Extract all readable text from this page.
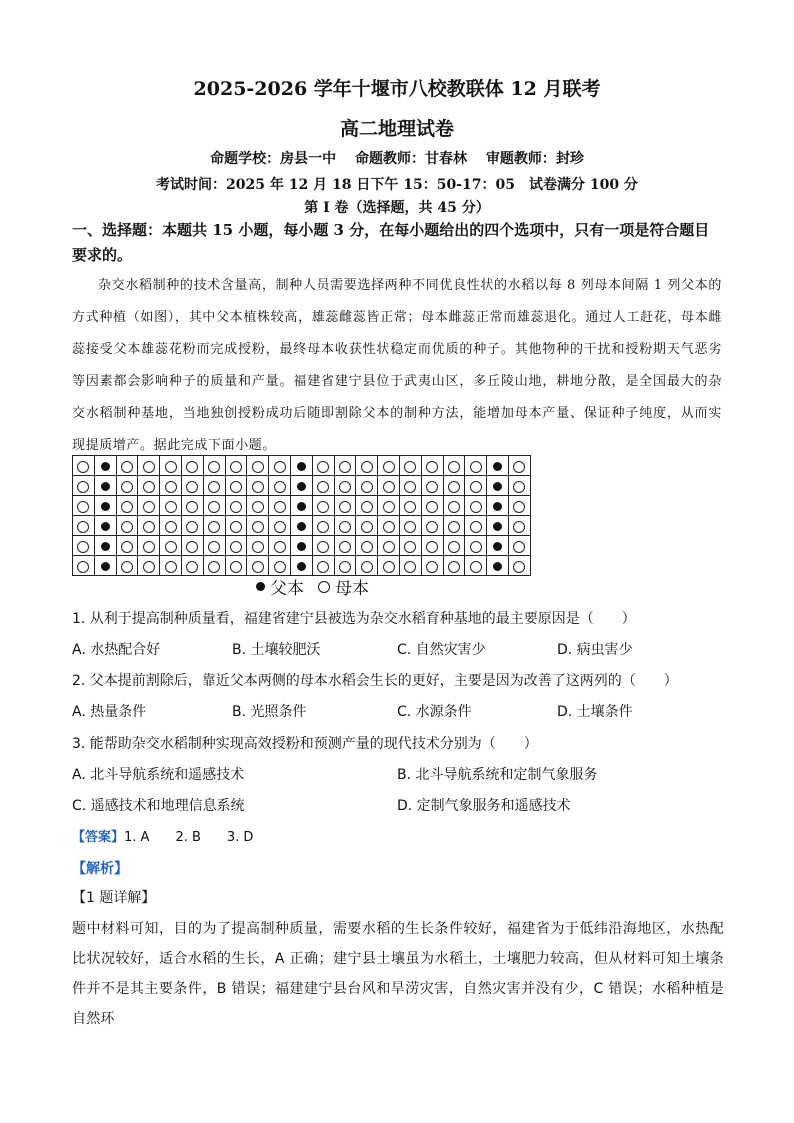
2025-2026 学年十堰市八校教联体 12 月联考
高二地理试卷
命题学校：房县一中　 命题教师：甘春林　 审题教师：封珍
考试时间：2025 年 12 月 18 日下午 15：50-17：05　试卷满分 100 分
第 I 卷（选择题，共 45 分）
一、选择题：本题共 15 小题，每小题 3 分，在每小题给出的四个选项中，只有一项是符合题目要求的。
杂交水稻制种的技术含量高，制种人员需要选择两种不同优良性状的水稻以每 8 列母本间隔 1 列父本的方式种植（如图），其中父本植株较高，雄蕊雌蕊皆正常；母本雌蕊正常而雄蕊退化。通过人工赶花，母本雌蕊接受父本雄蕊花粉而完成授粉，最终母本收获性状稳定而优质的种子。其他物种的干扰和授粉期天气恶劣等因素都会影响种子的质量和产量。福建省建宁县位于武夷山区，多丘陵山地，耕地分散，是全国最大的杂交水稻制种基地，当地独创授粉成功后随即割除父本的制种方法，能增加母本产量、保证种子纯度，从而实现提质增产。据此完成下面小题。

父本 母本
1. 从利于提高制种质量看，福建省建宁县被选为杂交水稻育种基地的最主要原因是（　　）
A. 水热配合好	B. 土壤较肥沃	C. 自然灾害少	D. 病虫害少
2. 父本提前割除后，靠近父本两侧的母本水稻会生长的更好，主要是因为改善了这两列的（　　）
A. 热量条件	B. 光照条件	C. 水源条件	D. 土壤条件
3. 能帮助杂交水稻制种实现高效授粉和预测产量的现代技术分别为（　　）
A. 北斗导航系统和遥感技术	B. 北斗导航系统和定制气象服务
C. 遥感技术和地理信息系统	D. 定制气象服务和遥感技术
【答案】1. A　　2. B　　3. D
【解析】
【1 题详解】
题中材料可知，目的为了提高制种质量，需要水稻的生长条件较好，福建省为于低纬沿海地区，水热配比状况较好，适合水稻的生长，A 正确；建宁县土壤虽为水稻土，土壤肥力较高，但从材料可知土壤条件并不是其主要条件，B 错误；福建建宁县台风和旱涝灾害，自然灾害并没有少，C 错误；水稻种植是自然环
